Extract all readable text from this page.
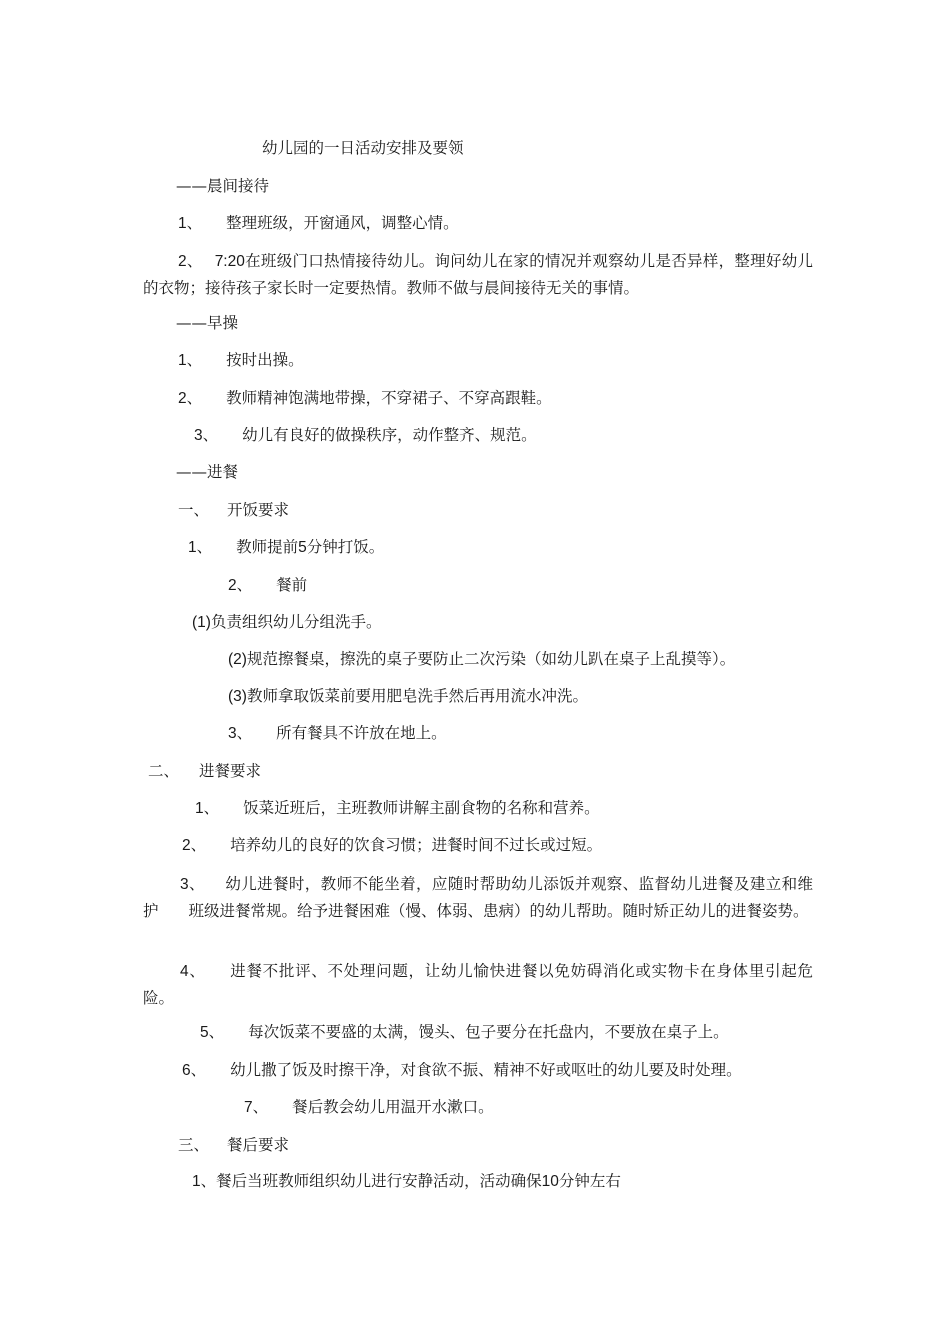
幼儿园的一日活动安排及要领
——晨间接待
1、 整理班级，开窗通风，调整心情。
2、 7:20在班级门口热情接待幼儿。询问幼儿在家的情况并观察幼儿是否异样，整理好幼儿的衣物；接待孩子家长时一定要热情。教师不做与晨间接待无关的事情。
——早操
1、 按时出操。
2、 教师精神饱满地带操，不穿裙子、不穿高跟鞋。
3、 幼儿有良好的做操秩序，动作整齐、规范。
——进餐
一、 开饭要求
1、 教师提前5分钟打饭。
2、 餐前
(1)负责组织幼儿分组洗手。
(2)规范擦餐桌，擦洗的桌子要防止二次污染（如幼儿趴在桌子上乱摸等）。
(3)教师拿取饭菜前要用肥皂洗手然后再用流水冲洗。
3、 所有餐具不许放在地上。
二、 进餐要求
1、 饭菜近班后，主班教师讲解主副食物的名称和营养。
2、 培养幼儿的良好的饮食习惯；进餐时间不过长或过短。
3、 幼儿进餐时，教师不能坐着，应随时帮助幼儿添饭并观察、监督幼儿进餐及建立和维护 班级进餐常规。给予进餐困难（慢、体弱、患病）的幼儿帮助。随时矫正幼儿的进餐姿势。
4、 进餐不批评、不处理问题，让幼儿愉快进餐以免妨碍消化或实物卡在身体里引起危险。
5、 每次饭菜不要盛的太满，馒头、包子要分在托盘内，不要放在桌子上。
6、 幼儿撒了饭及时擦干净，对食欲不振、精神不好或呕吐的幼儿要及时处理。
7、 餐后教会幼儿用温开水漱口。
三、 餐后要求
1、餐后当班教师组织幼儿进行安静活动，活动确保10分钟左右
